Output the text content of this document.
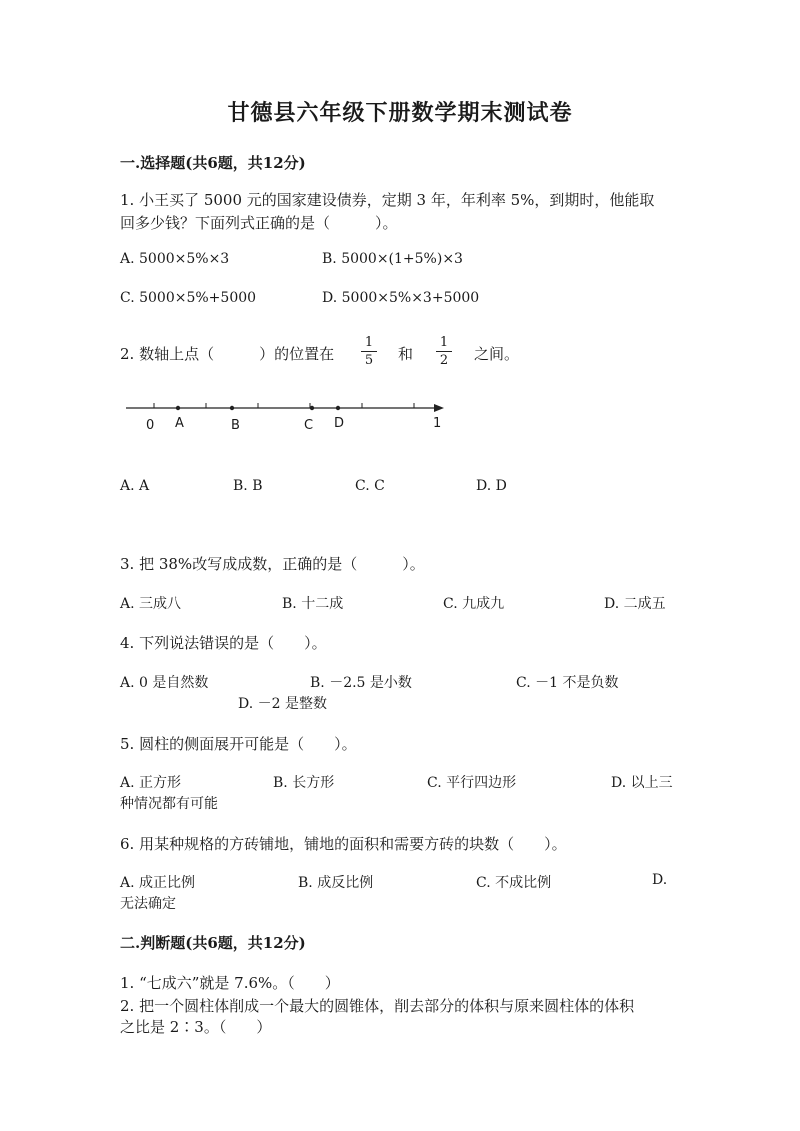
甘德县六年级下册数学期末测试卷
一.选择题(共6题，共12分)
1. 小王买了 5000 元的国家建设债券，定期 3 年，年利率 5%，到期时，他能取
回多少钱？下面列式正确的是（　　　）。
A. 5000×5%×3	B. 5000×(1+5%)×3
C. 5000×5%+5000	D. 5000×5%×3+5000
2. 数轴上点（　　　）的位置在
1
5 和
1
2 之间。
0 A	B	C D	1
A. A	B. B	C. C	D. D
3. 把 38%改写成成数，正确的是（　　　）。
A. 三成八	B. 十二成	C. 九成九	D. 二成五
4. 下列说法错误的是（　　）。
A. 0 是自然数	B. －2.5 是小数	C. －1 不是负数
D. －2 是整数
5. 圆柱的侧面展开可能是（　　）。
A. 正方形	B. 长方形	C. 平行四边形	D. 以上三
种情况都有可能
6. 用某种规格的方砖铺地，铺地的面积和需要方砖的块数（　　）。
A. 成正比例	B. 成反比例	C. 不成比例	D.
无法确定
二.判断题(共6题，共12分)
1. “七成六”就是 7.6%。（　　）
2. 把一个圆柱体削成一个最大的圆锥体，削去部分的体积与原来圆柱体的体积
之比是 2∶3。（　　）
